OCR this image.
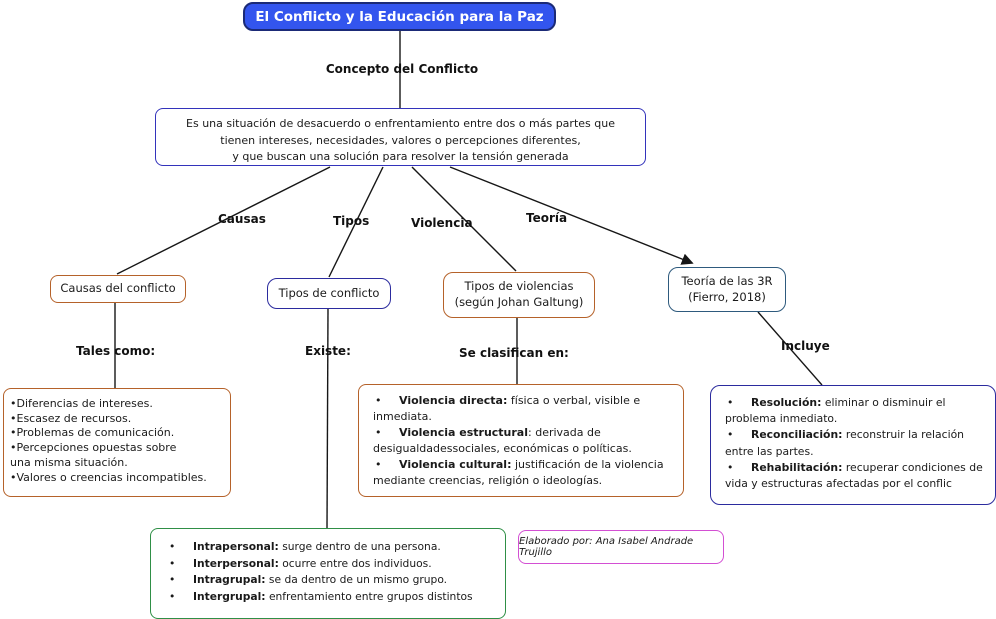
El Conflicto y la Educación para la Paz
Concepto del Conflicto
Es una situación de desacuerdo o enfrentamiento entre dos o más partes que
tienen intereses, necesidades, valores o percepciones diferentes,
y que buscan una solución para resolver la tensión generada
Causas	Tipos	Violencia	Teoría
Causas del conflicto	Tipos de conflicto	Tipos de violencias
(según Johan Galtung)
Teoría de las 3R
(Fierro, 2018)
Tales como:	Existe:	Se clasifican en:	Incluye
•Diferencias de intereses.
•Escasez de recursos.
•Problemas de comunicación.
•Percepciones opuestas sobre
una misma situación.
•Valores o creencias incompatibles.
• Violencia directa: física o verbal, visible e inmediata.
• Violencia estructural: derivada de desigualdadessociales, económicas o políticas.
• Violencia cultural: justificación de la violencia mediante creencias, religión o ideologías.
• Resolución: eliminar o disminuir el problema inmediato.
• Reconciliación: reconstruir la relación entre las partes.
• Rehabilitación: recuperar condiciones de vida y estructuras afectadas por el conflic
• Intrapersonal: surge dentro de una persona.
• Interpersonal: ocurre entre dos individuos.
• Intragrupal: se da dentro de un mismo grupo.
• Intergrupal: enfrentamiento entre grupos distintos
Elaborado por: Ana Isabel Andrade Trujillo
